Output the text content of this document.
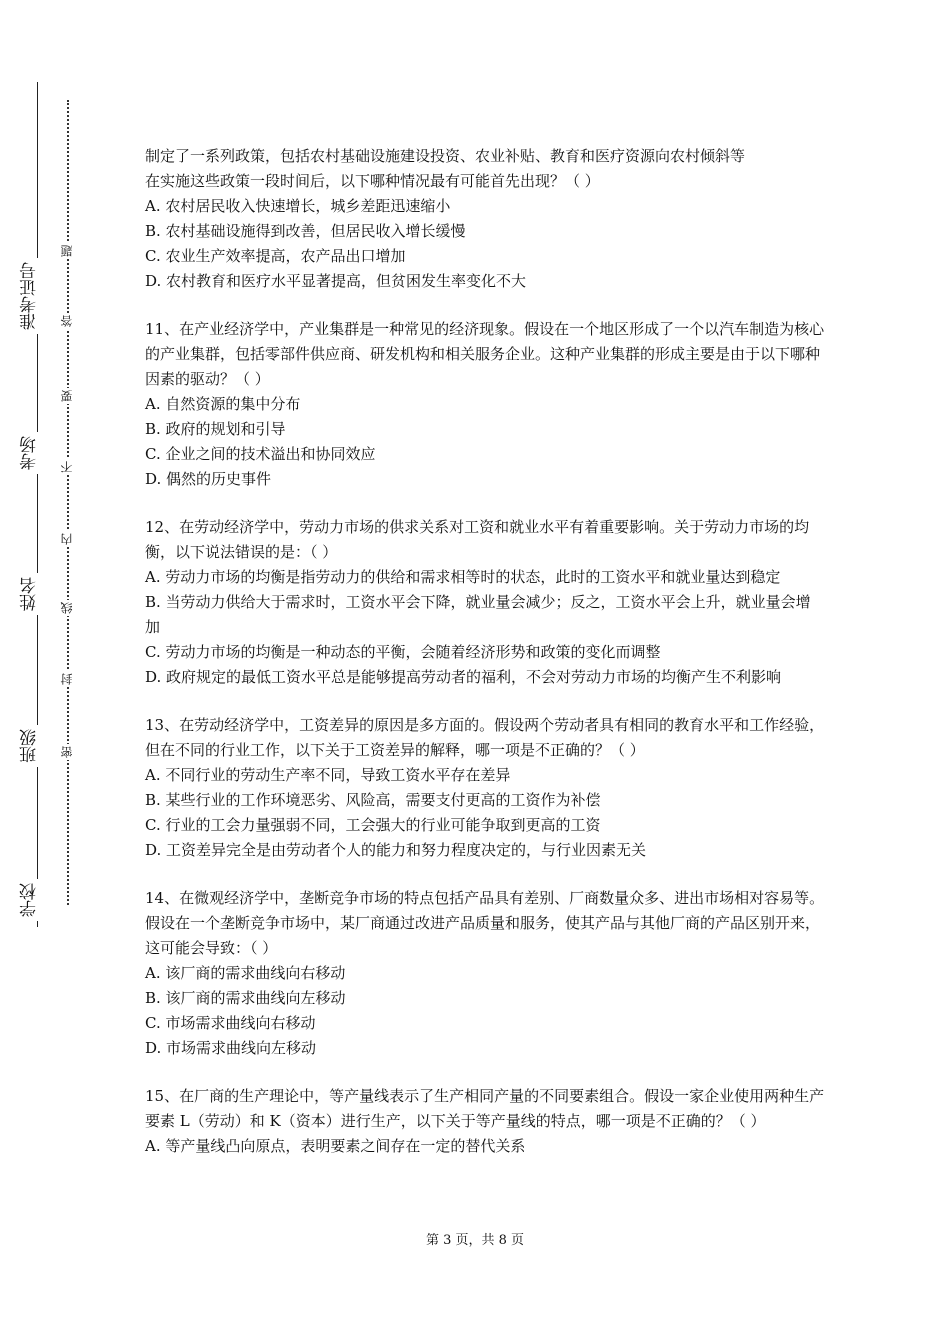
准考证号
考场
姓名
班级
学校
题
答
要
不
内
线
封
密

制定了一系列政策，包括农村基础设施建设投资、农业补贴、教育和医疗资源向农村倾斜等

在实施这些政策一段时间后，以下哪种情况最有可能首先出现？（ ）

A. 农村居民收入快速增长，城乡差距迅速缩小

B. 农村基础设施得到改善，但居民收入增长缓慢

C. 农业生产效率提高，农产品出口增加

D. 农村教育和医疗水平显著提高，但贫困发生率变化不大

11、在产业经济学中，产业集群是一种常见的经济现象。假设在一个地区形成了一个以汽车制造为核心的产业集群，包括零部件供应商、研发机构和相关服务企业。这种产业集群的形成主要是由于以下哪种因素的驱动？（ ）

A. 自然资源的集中分布

B. 政府的规划和引导

C. 企业之间的技术溢出和协同效应

D. 偶然的历史事件

12、在劳动经济学中，劳动力市场的供求关系对工资和就业水平有着重要影响。关于劳动力市场的均衡，以下说法错误的是：（ ）

A. 劳动力市场的均衡是指劳动力的供给和需求相等时的状态，此时的工资水平和就业量达到稳定

B. 当劳动力供给大于需求时，工资水平会下降，就业量会减少；反之，工资水平会上升，就业量会增加

C. 劳动力市场的均衡是一种动态的平衡，会随着经济形势和政策的变化而调整

D. 政府规定的最低工资水平总是能够提高劳动者的福利，不会对劳动力市场的均衡产生不利影响

13、在劳动经济学中，工资差异的原因是多方面的。假设两个劳动者具有相同的教育水平和工作经验，但在不同的行业工作，以下关于工资差异的解释，哪一项是不正确的？（ ）

A. 不同行业的劳动生产率不同，导致工资水平存在差异

B. 某些行业的工作环境恶劣、风险高，需要支付更高的工资作为补偿

C. 行业的工会力量强弱不同，工会强大的行业可能争取到更高的工资

D. 工资差异完全是由劳动者个人的能力和努力程度决定的，与行业因素无关

14、在微观经济学中，垄断竞争市场的特点包括产品具有差别、厂商数量众多、进出市场相对容易等。假设在一个垄断竞争市场中，某厂商通过改进产品质量和服务，使其产品与其他厂商的产品区别开来，这可能会导致：（ ）

A. 该厂商的需求曲线向右移动

B. 该厂商的需求曲线向左移动

C. 市场需求曲线向右移动

D. 市场需求曲线向左移动

15、在厂商的生产理论中，等产量线表示了生产相同产量的不同要素组合。假设一家企业使用两种生产要素 L（劳动）和 K（资本）进行生产，以下关于等产量线的特点，哪一项是不正确的？（ ）

A. 等产量线凸向原点，表明要素之间存在一定的替代关系

第 3 页，共 8 页
